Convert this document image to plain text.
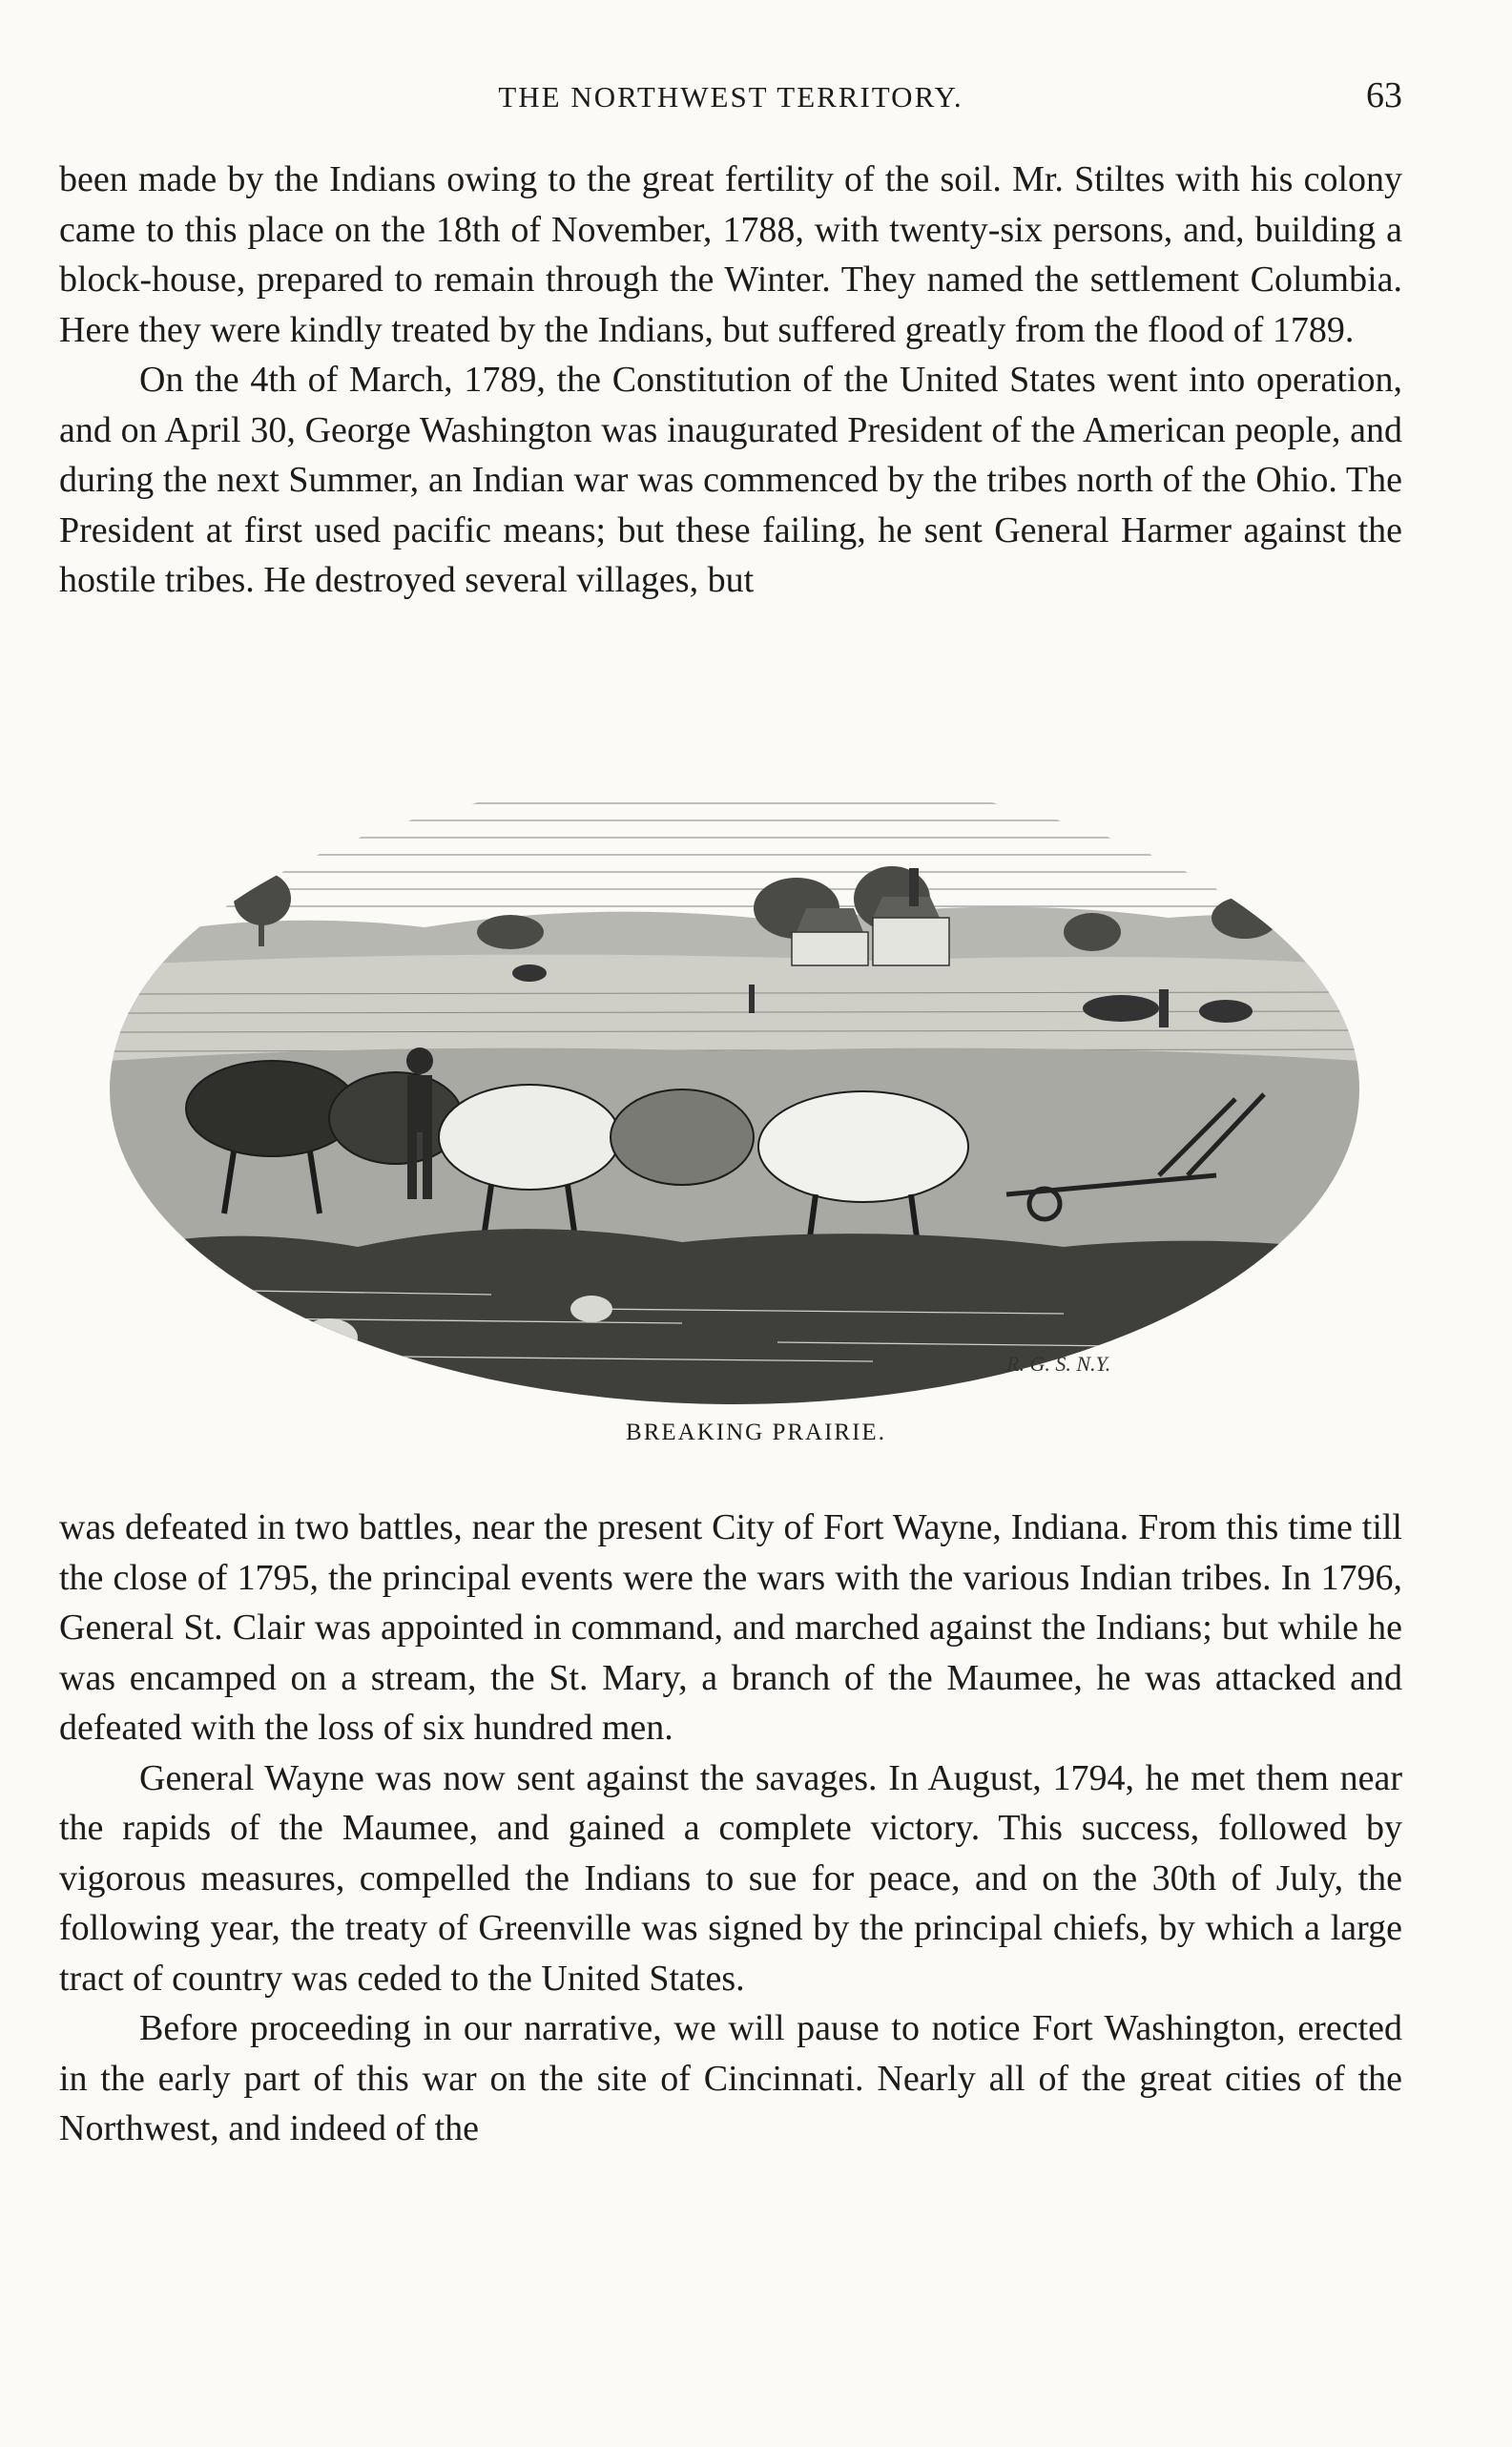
THE NORTHWEST TERRITORY.	63

been made by the Indians owing to the great fertility of the soil. Mr. Stiltes with his colony came to this place on the 18th of November, 1788, with twenty-six persons, and, building a block-house, prepared to remain through the Winter. They named the settlement Columbia. Here they were kindly treated by the Indians, but suffered greatly from the flood of 1789.

On the 4th of March, 1789, the Constitution of the United States went into operation, and on April 30, George Washington was inaugurated President of the American people, and during the next Summer, an Indian war was commenced by the tribes north of the Ohio. The President at first used pacific means; but these failing, he sent General Harmer against the hostile tribes. He destroyed several villages, but

R. G. S. N.Y.
BREAKING PRAIRIE.

was defeated in two battles, near the present City of Fort Wayne, Indiana. From this time till the close of 1795, the principal events were the wars with the various Indian tribes. In 1796, General St. Clair was appointed in command, and marched against the Indians; but while he was encamped on a stream, the St. Mary, a branch of the Maumee, he was attacked and defeated with the loss of six hundred men.

General Wayne was now sent against the savages. In August, 1794, he met them near the rapids of the Maumee, and gained a complete victory. This success, followed by vigorous measures, compelled the Indians to sue for peace, and on the 30th of July, the following year, the treaty of Greenville was signed by the principal chiefs, by which a large tract of country was ceded to the United States.

Before proceeding in our narrative, we will pause to notice Fort Washington, erected in the early part of this war on the site of Cincinnati. Nearly all of the great cities of the Northwest, and indeed of the
